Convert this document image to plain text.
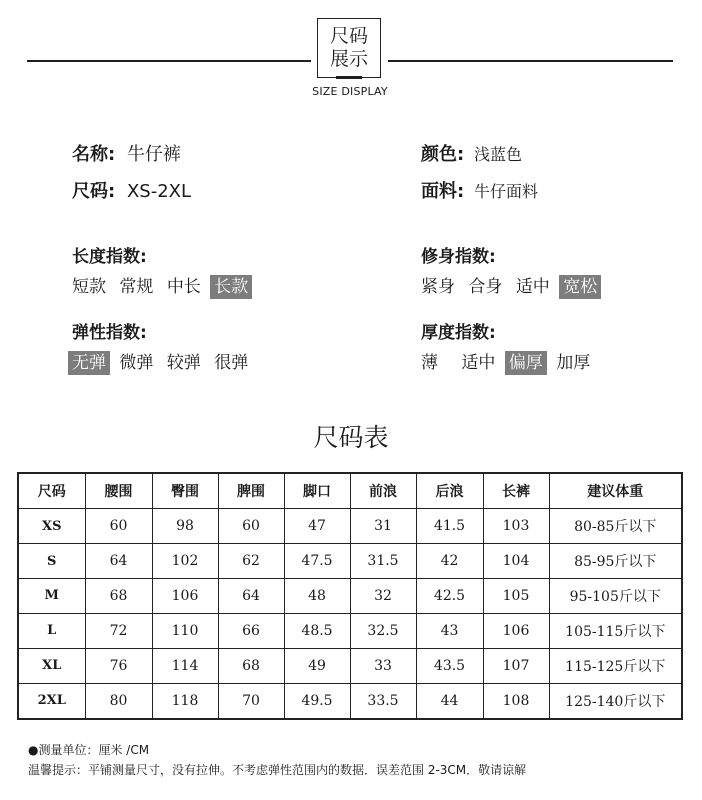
尺码
展示
SIZE DISPLAY
名称: 牛仔裤
尺码: XS-2XL
颜色: 浅蓝色
面料: 牛仔面料
长度指数:
短款 常规 中长 长款
修身指数:
紧身 合身 适中 宽松
弹性指数:
无弹 微弹 较弹 很弹
厚度指数:
薄 适中 偏厚 加厚
尺码表
尺码	腰围	臀围	脾围	脚口	前浪	后浪	长裤	建议体重
XS	60	98	60	47	31	41.5	103	80-85斤以下
S	64	102	62	47.5	31.5	42	104	85-95斤以下
M	68	106	64	48	32	42.5	105	95-105斤以下
L	72	110	66	48.5	32.5	43	106	105-115斤以下
XL	76	114	68	49	33	43.5	107	115-125斤以下
2XL	80	118	70	49.5	33.5	44	108	125-140斤以下
●测量单位：厘米 /CM
温馨提示：平铺测量尺寸，没有拉伸。不考虑弹性范围内的数据．误差范围 2-3CM．敬请谅解
